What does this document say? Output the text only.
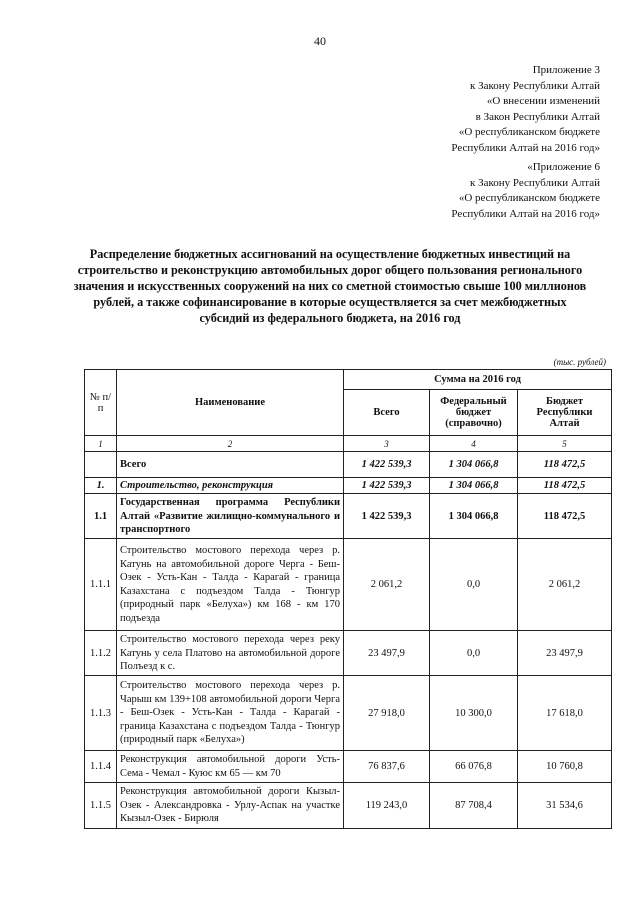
40
Приложение 3
к Закону Республики Алтай
«О внесении изменений
в Закон Республики Алтай
«О республиканском бюджете
Республики Алтай на 2016 год»
«Приложение 6
к Закону Республики Алтай
«О республиканском бюджете
Республики Алтай на 2016 год»
Распределение бюджетных ассигнований на осуществление бюджетных инвестиций на строительство и реконструкцию автомобильных дорог общего пользования регионального значения и искусственных сооружений на них со сметной стоимостью свыше 100 миллионов рублей, а также софинансирование в которые осуществляется за счет межбюджетных субсидий из федерального бюджета, на 2016 год
(тыс. рублей)
№ п/п	Наименование	Сумма на 2016 год		
		Всего	Федеральный бюджет (справочно)	Бюджет Республики Алтай
1	2	3	4	5
	Всего	1 422 539,3	1 304 066,8	118 472,5
1.	Строительство, реконструкция	1 422 539,3	1 304 066,8	118 472,5
1.1	Государственная программа Республики Алтай «Развитие жилищно-коммунального и транспортного	1 422 539,3	1 304 066,8	118 472,5
1.1.1	Строительство мостового перехода через р. Катунь на автомобильной дороге Черга - Беш-Озек - Усть-Кан - Талда - Карагай - граница Казахстана с подъездом Талда - Тюнгур (природный парк «Белуха») км 168 - км 170 подъезда	2 061,2	0,0	2 061,2
1.1.2	Строительство мостового перехода через реку Катунь у села Платово на автомобильной дороге Полъезд к с.	23 497,9	0,0	23 497,9
1.1.3	Строительство мостового перехода через р. Чарыш км 139+108 автомобильной дороги Черга - Беш-Озек - Усть-Кан - Талда - Карагай - граница Казахстана с подъездом Талда - Тюнгур (природный парк «Белуха»)	27 918,0	10 300,0	17 618,0
1.1.4	Реконструкция автомобильной дороги Усть-Сема - Чемал - Куюс км 65 — км 70	76 837,6	66 076,8	10 760,8
1.1.5	Реконструкция автомобильной дороги Кызыл-Озек - Александровка - Урлу-Аспак на участке Кызыл-Озек - Бирюля	119 243,0	87 708,4	31 534,6
